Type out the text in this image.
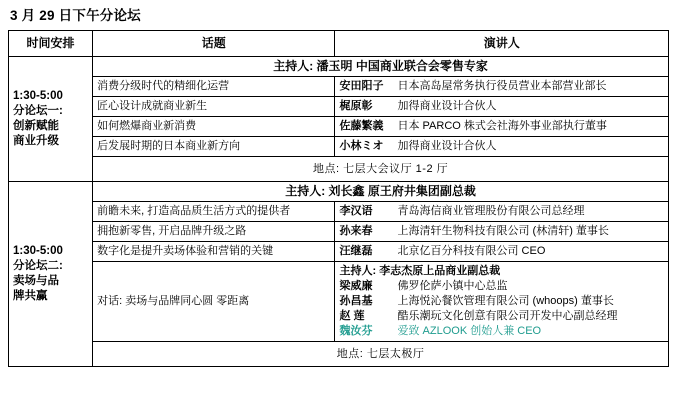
3 月 29 日下午分论坛
时间安排	话题	演讲人

1:30-5:00
分论坛一:
创新赋能
商业升级	主持人: 潘玉明 中国商业联合会零售专家	
	消费分级时代的精细化运营	安田阳子 日本高岛屋常务执行役员营业本部营业部长
	匠心设计成就商业新生	梶原彰 加得商业设计合伙人
	如何燃爆商业新消费	佐藤繁義 日本 PARCO 株式会社海外事业部执行董事
	后发展时期的日本商业新方向	小林ミオ 加得商业设计合伙人
	地点: 七层大会议厅 1-2 厅	

1:30-5:00
分论坛二:
卖场与品
牌共赢	主持人: 刘长鑫 原王府井集团副总裁	
	前瞻未来, 打造高品质生活方式的提供者	李汉语 青岛海信商业管理股份有限公司总经理
	拥抱新零售, 开启品牌升级之路	孙来春 上海清轩生物科技有限公司 (林清轩) 董事长
	数字化是提升卖场体验和营销的关键	汪继磊 北京亿百分科技有限公司 CEO
	对话: 卖场与品牌同心圆 零距离	主持人: 李志杰原上品商业副总裁
梁威廉 佛罗伦萨小镇中心总监
孙昌基 上海悦沁餐饮管理有限公司 (whoops) 董事长
赵 莲 酷乐潮玩文化创意有限公司开发中心副总经理
魏汝芬 爱致 AZLOOK 创始人兼 CEO

	地点: 七层太极厅	
